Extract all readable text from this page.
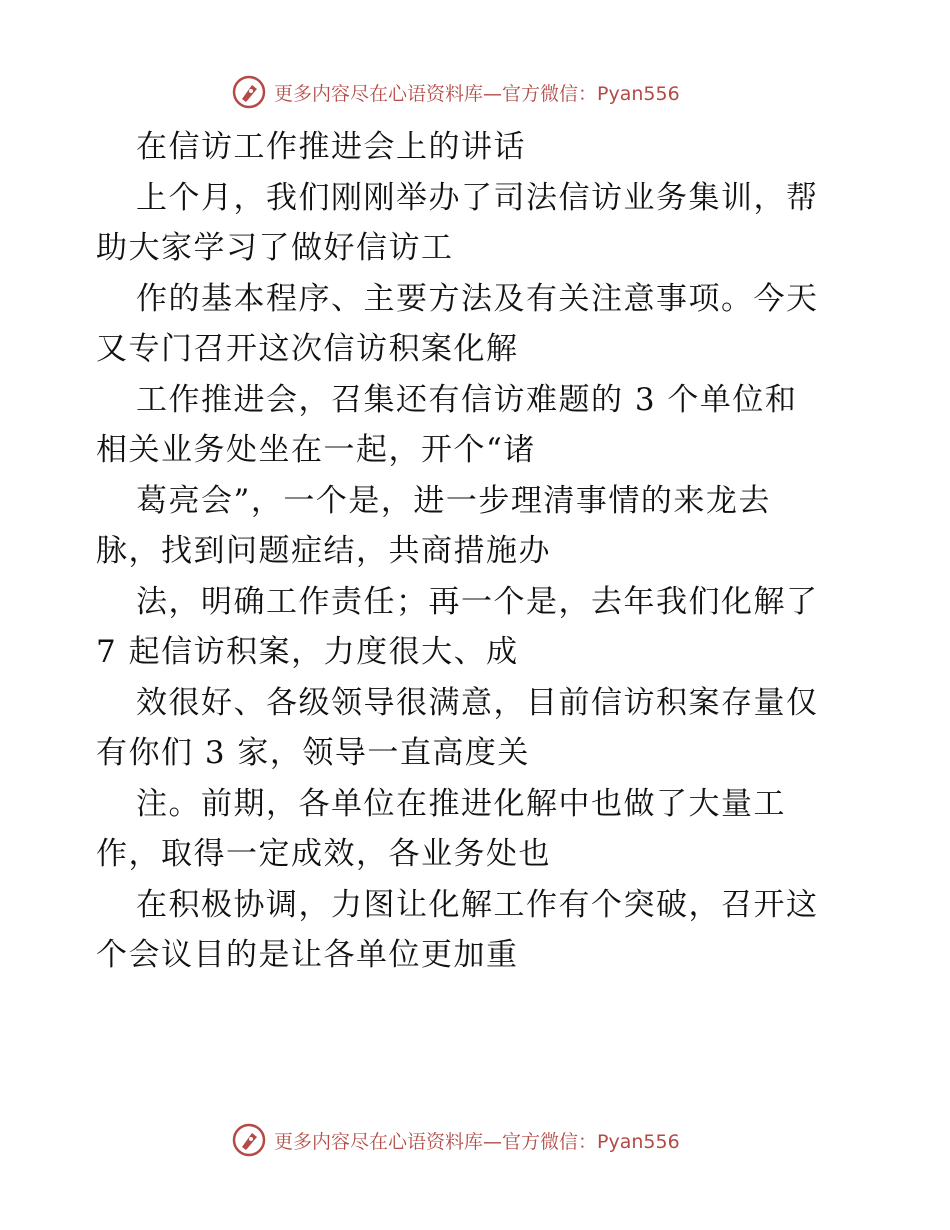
更多内容尽在心语资料库—官方微信：Pyan556
在信访工作推进会上的讲话
上个月，我们刚刚举办了司法信访业务集训，帮
助大家学习了做好信访工
作的基本程序、主要方法及有关注意事项。今天
又专门召开这次信访积案化解
工作推进会，召集还有信访难题的 3 个单位和
相关业务处坐在一起，开个“诸
葛亮会”，一个是，进一步理清事情的来龙去
脉，找到问题症结，共商措施办
法，明确工作责任；再一个是，去年我们化解了
7 起信访积案，力度很大、成
效很好、各级领导很满意，目前信访积案存量仅
有你们 3 家，领导一直高度关
注。前期，各单位在推进化解中也做了大量工
作，取得一定成效，各业务处也
在积极协调，力图让化解工作有个突破，召开这
个会议目的是让各单位更加重
更多内容尽在心语资料库—官方微信：Pyan556
